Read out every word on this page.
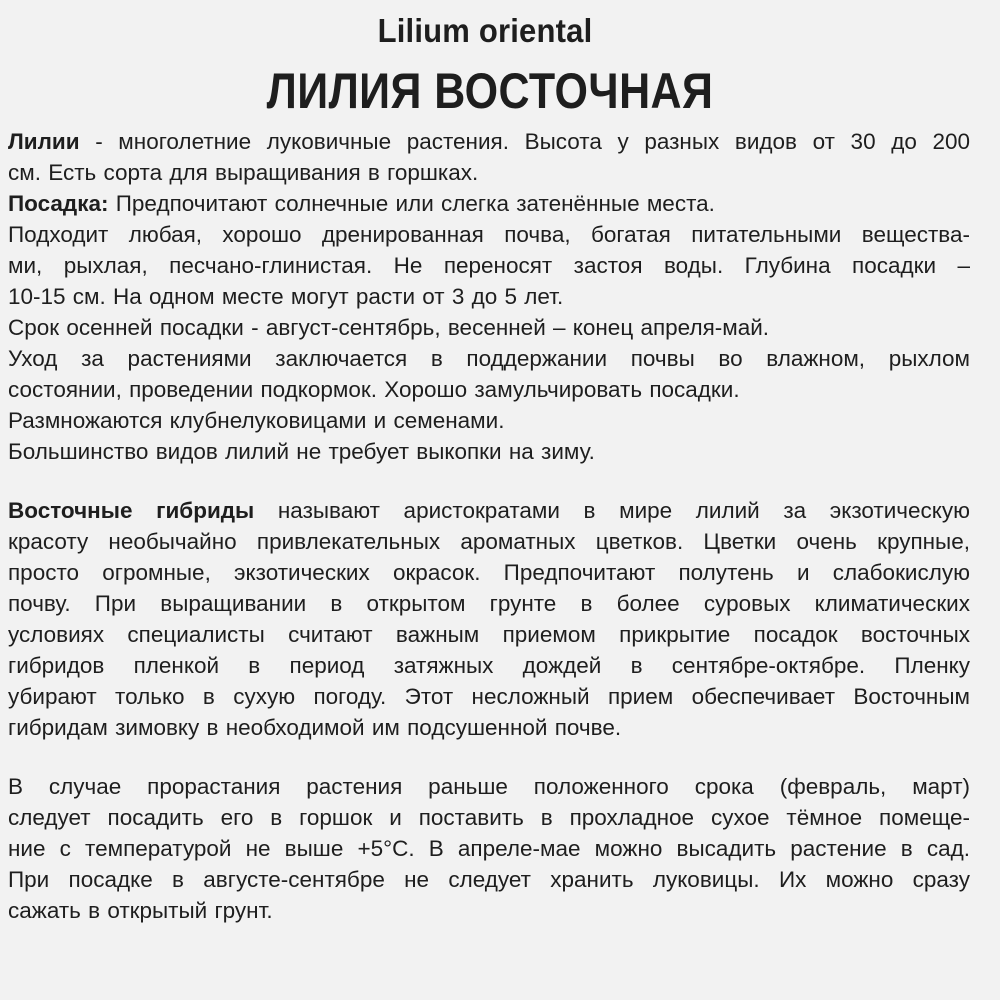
Lilium oriental
ЛИЛИЯ ВОСТОЧНАЯ
Лилии - многолетние луковичные растения. Высота у разных видов от 30 до 200
см. Есть сорта для выращивания в горшках.
Посадка: Предпочитают солнечные или слегка затенённые места.
Подходит любая, хорошо дренированная почва, богатая питательными вещества-
ми, рыхлая, песчано-глинистая. Не переносят застоя воды. Глубина посадки –
10-15 см. На одном месте могут расти от 3 до 5 лет.
Срок осенней посадки - август-сентябрь, весенней – конец апреля-май.
Уход за растениями заключается в поддержании почвы во влажном, рыхлом
состоянии, проведении подкормок. Хорошо замульчировать посадки.
Размножаются клубнелуковицами и семенами.
Большинство видов лилий не требует выкопки на зиму.
Восточные гибриды называют аристократами в мире лилий за экзотическую
красоту необычайно привлекательных ароматных цветков. Цветки очень крупные,
просто огромные, экзотических окрасок. Предпочитают полутень и слабокислую
почву. При выращивании в открытом грунте в более суровых климатических
условиях специалисты считают важным приемом прикрытие посадок восточных
гибридов пленкой в период затяжных дождей в сентябре-октябре. Пленку
убирают только в сухую погоду. Этот несложный прием обеспечивает Восточным
гибридам зимовку в необходимой им подсушенной почве.
В случае прорастания растения раньше положенного срока (февраль, март)
следует посадить его в горшок и поставить в прохладное сухое тёмное помеще-
ние с температурой не выше +5°С. В апреле-мае можно высадить растение в сад.
При посадке в августе-сентябре не следует хранить луковицы. Их можно сразу
сажать в открытый грунт.
